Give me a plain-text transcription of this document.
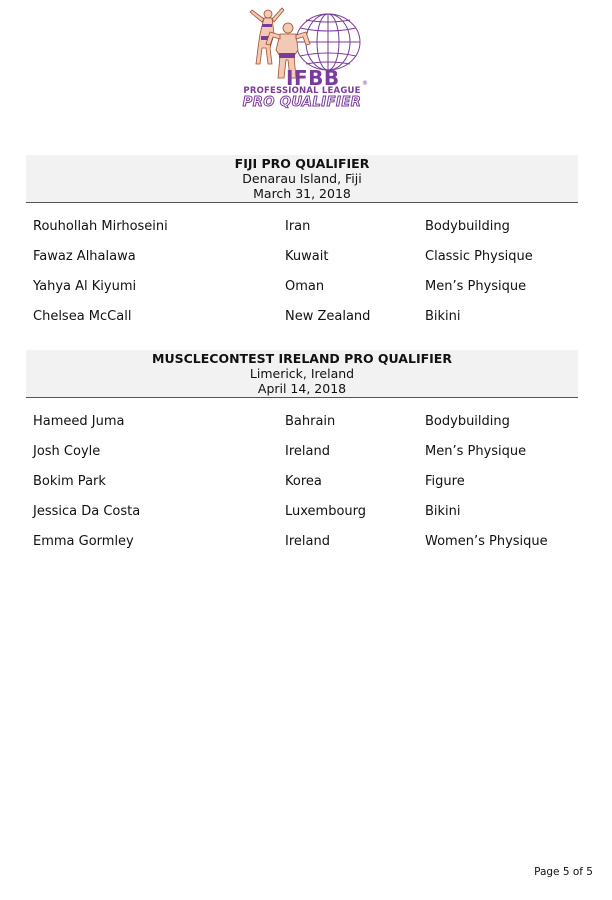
IFBB	®
PROFESSIONAL LEAGUE
PRO QUALIFIER
FIJI PRO QUALIFIER
Denarau Island, Fiji
March 31, 2018
Rouhollah Mirhoseini	Iran	Bodybuilding
Fawaz Alhalawa	Kuwait	Classic Physique
Yahya Al Kiyumi	Oman	Men’s Physique
Chelsea McCall	New Zealand	Bikini
MUSCLECONTEST IRELAND PRO QUALIFIER
Limerick, Ireland
April 14, 2018
Hameed Juma	Bahrain	Bodybuilding
Josh Coyle	Ireland	Men’s Physique
Bokim Park	Korea	Figure
Jessica Da Costa	Luxembourg	Bikini
Emma Gormley	Ireland	Women’s Physique
Page 5 of 5
